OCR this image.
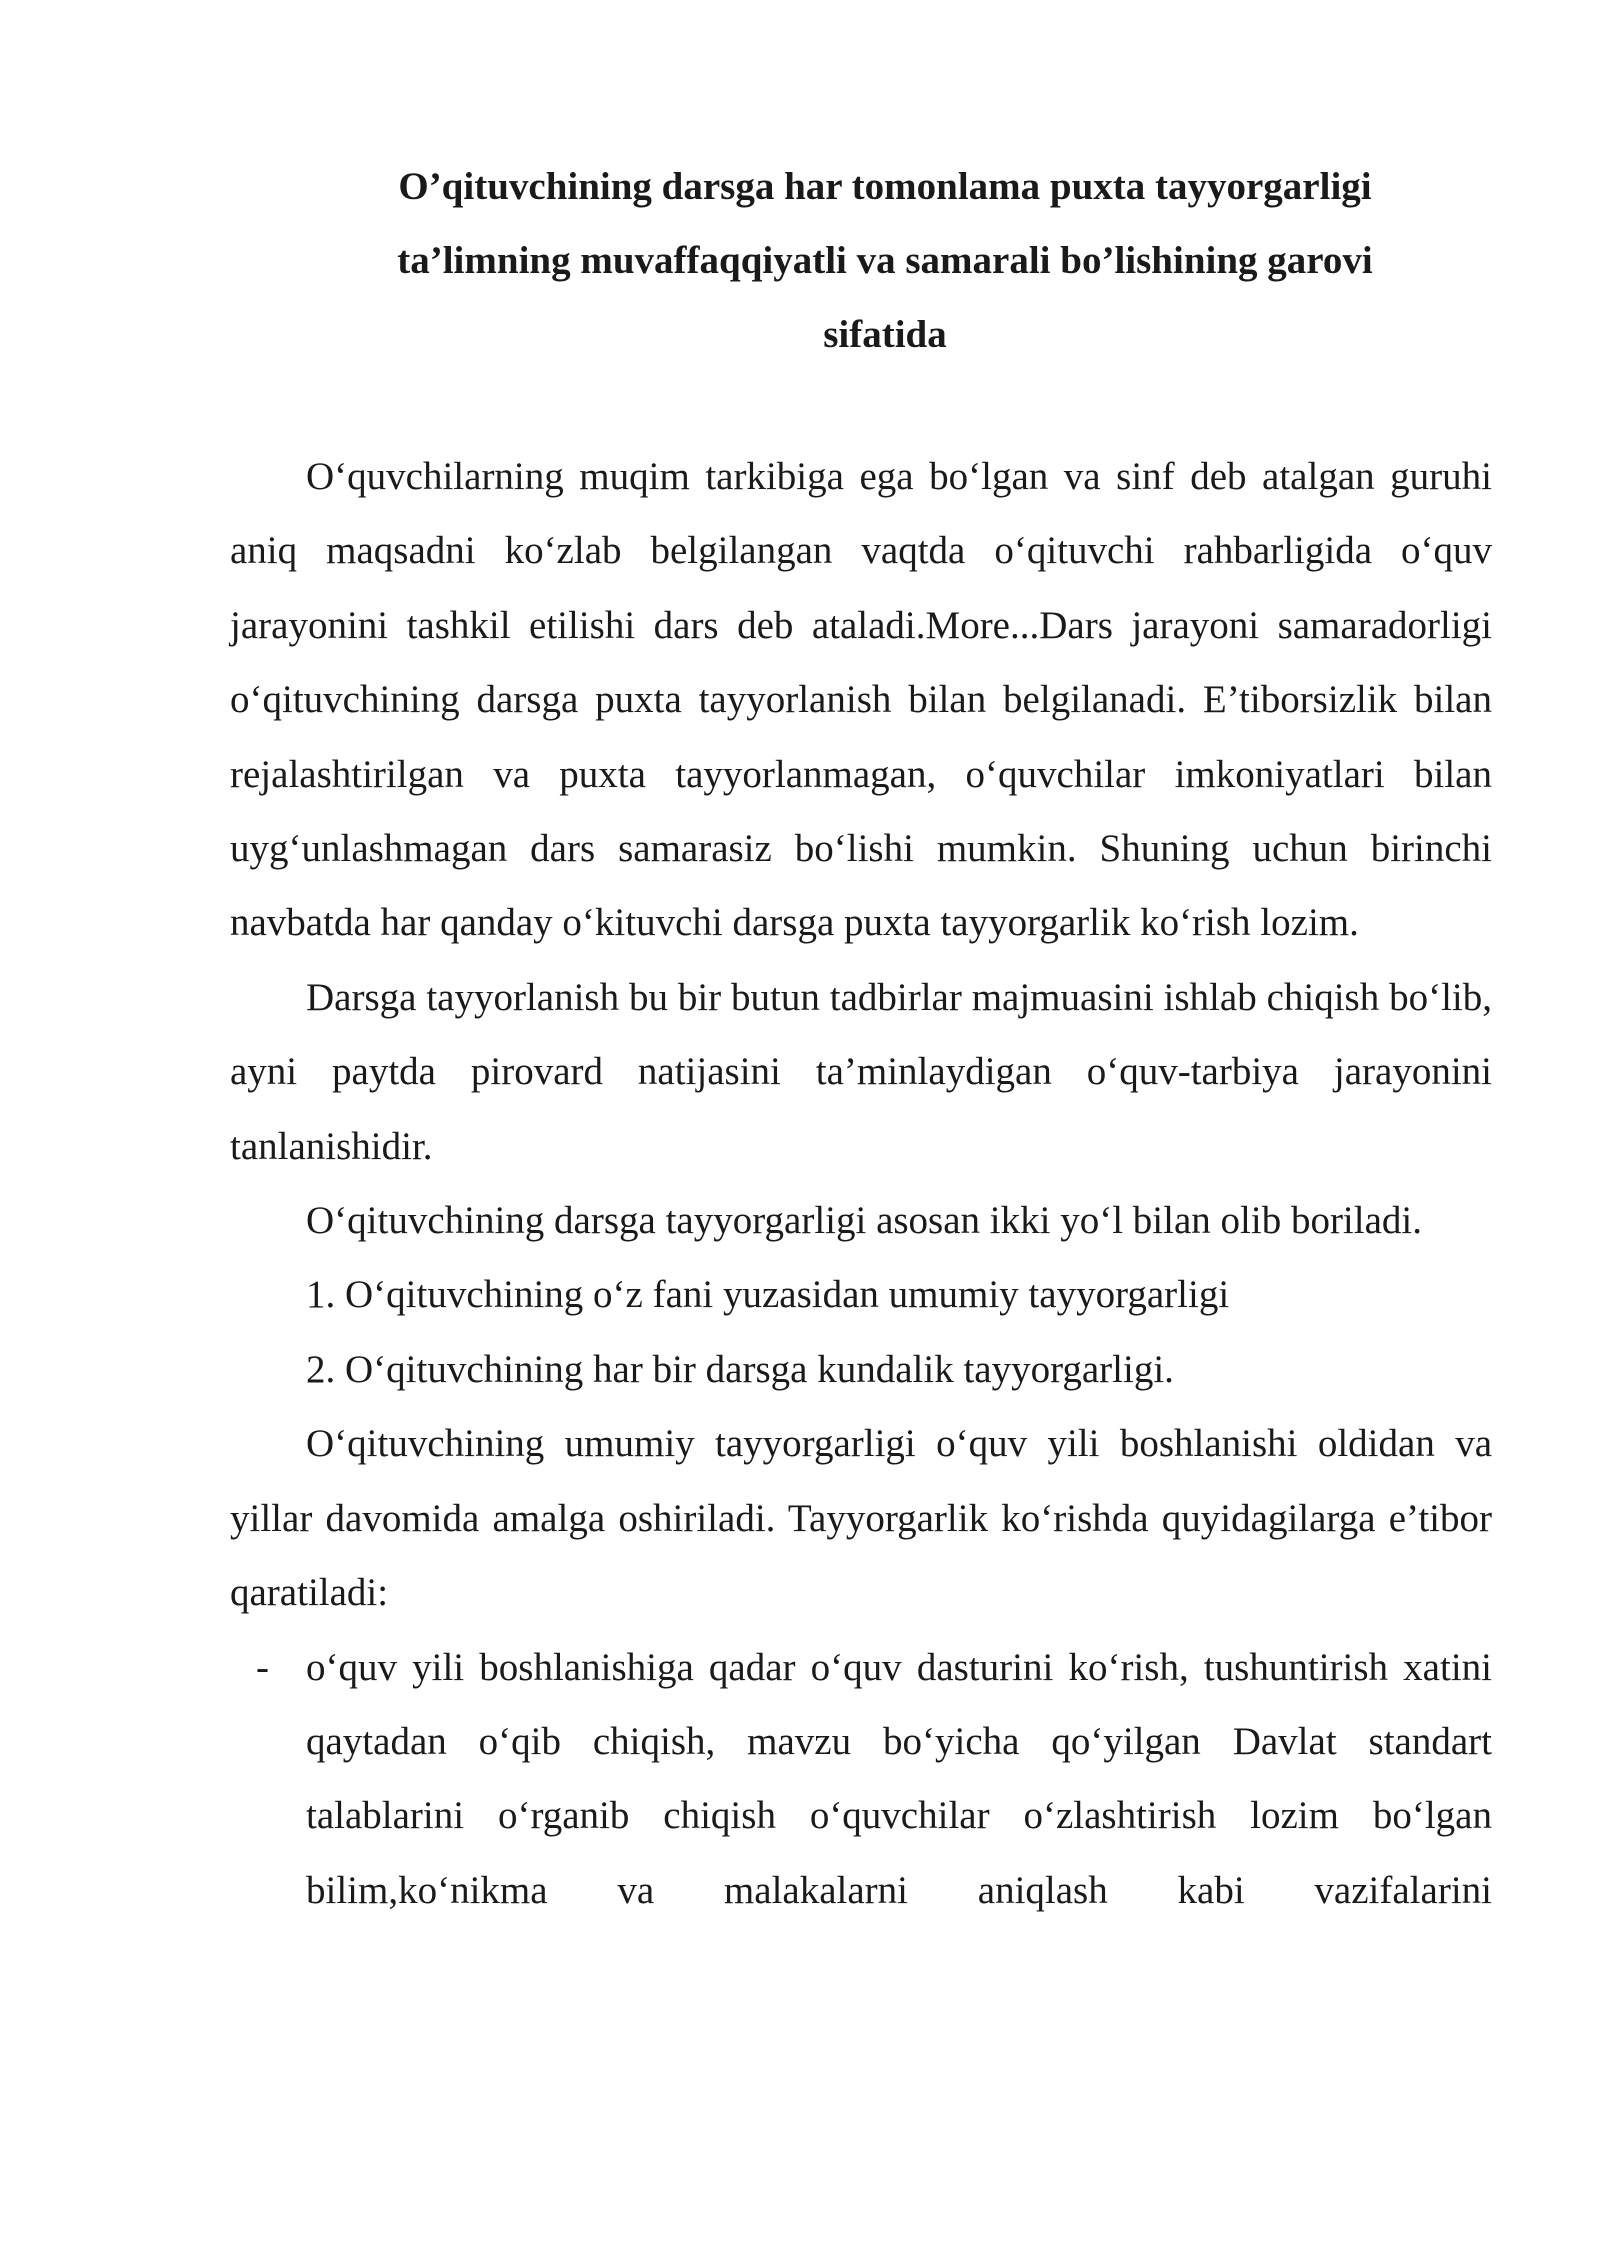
O’qituvchining darsga har tomonlama puxta tayyorgarligi
ta’limning muvaffaqqiyatli va samarali bo’lishining garovi
sifatida

O‘quvchilarning muqim tarkibiga ega bo‘lgan va sinf deb atalgan guruhi aniq maqsadni ko‘zlab belgilangan vaqtda o‘qituvchi rahbarligida o‘quv jarayonini tashkil etilishi dars deb ataladi.More...Dars jarayoni samaradorligi o‘qituvchining darsga puxta tayyorlanish bilan belgilanadi. E’tiborsizlik bilan rejalashtirilgan va puxta tayyorlanmagan, o‘quvchilar imkoniyatlari bilan uyg‘unlashmagan dars samarasiz bo‘lishi mumkin. Shuning uchun birinchi navbatda har qanday o‘kituvchi darsga puxta tayyorgarlik ko‘rish lozim.

Darsga tayyorlanish bu bir butun tadbirlar majmuasini ishlab chiqish bo‘lib, ayni paytda pirovard natijasini ta’minlaydigan o‘quv-tarbiya jarayonini tanlanishidir.

O‘qituvchining darsga tayyorgarligi asosan ikki yo‘l bilan olib boriladi.

1. O‘qituvchining o‘z fani yuzasidan umumiy tayyorgarligi

2. O‘qituvchining har bir darsga kundalik tayyorgarligi.

O‘qituvchining umumiy tayyorgarligi o‘quv yili boshlanishi oldidan va yillar davomida amalga oshiriladi. Tayyorgarlik ko‘rishda quyidagilarga e’tibor qaratiladi:

- o‘quv yili boshlanishiga qadar o‘quv dasturini ko‘rish, tushuntirish xatini qaytadan o‘qib chiqish, mavzu bo‘yicha qo‘yilgan Davlat standart talablarini o‘rganib chiqish o‘quvchilar o‘zlashtirish lozim bo‘lgan bilim,ko‘nikma va malakalarni aniqlash kabi vazifalarini
